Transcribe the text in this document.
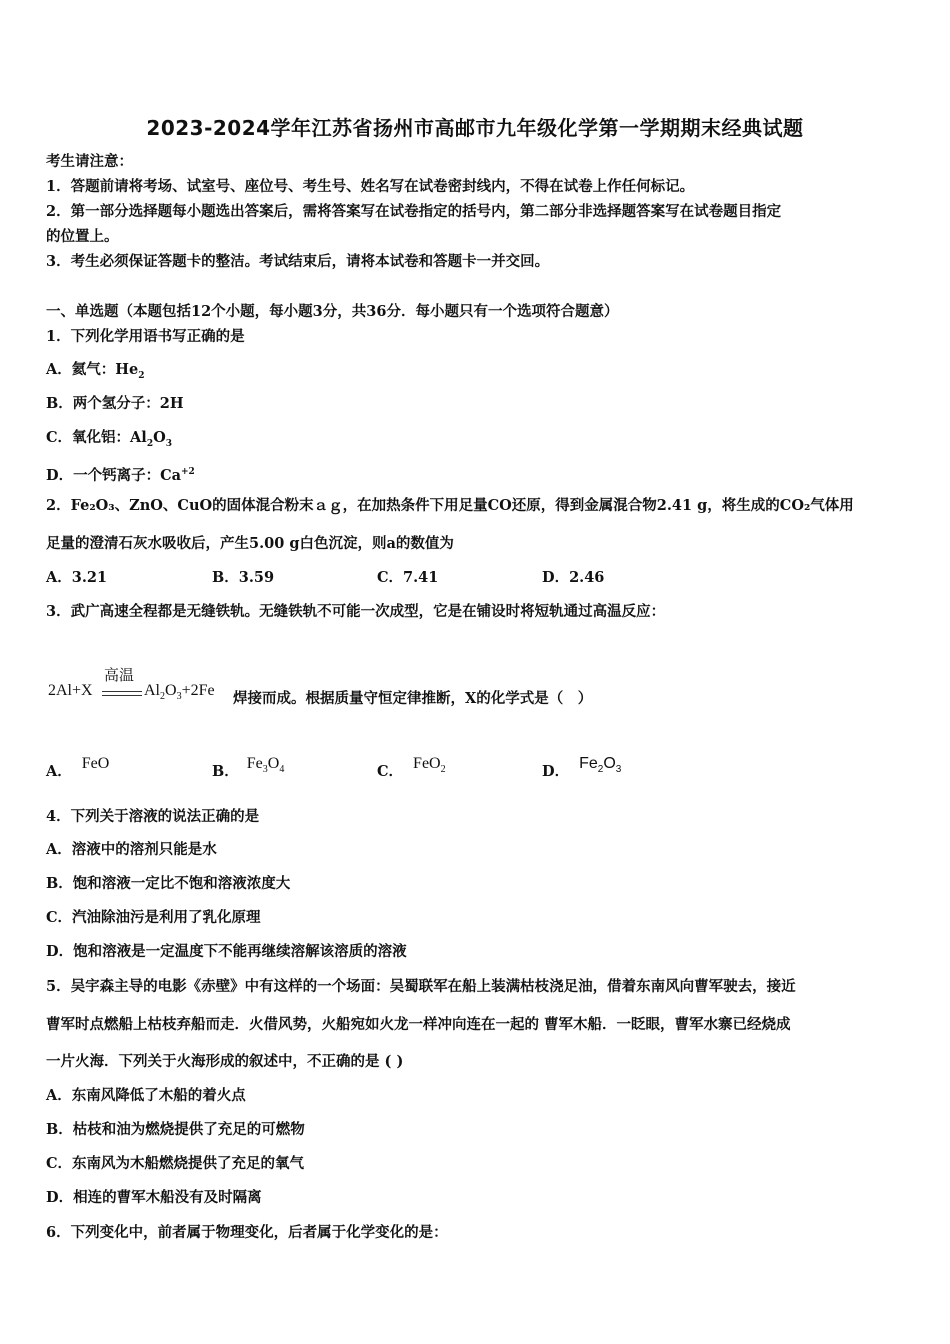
2023-2024学年江苏省扬州市高邮市九年级化学第一学期期末经典试题
考生请注意：
1．答题前请将考场、试室号、座位号、考生号、姓名写在试卷密封线内，不得在试卷上作任何标记。
2．第一部分选择题每小题选出答案后，需将答案写在试卷指定的括号内，第二部分非选择题答案写在试卷题目指定
的位置上。
3．考生必须保证答题卡的整洁。考试结束后，请将本试卷和答题卡一并交回。
一、单选题（本题包括12个小题，每小题3分，共36分．每小题只有一个选项符合题意）
1．下列化学用语书写正确的是
A．氦气：$He_2$
B．两个氢分子：2H
C．氧化铝：$Al_2O_3$
D．一个钙离子：$Ca^{+2}$
2．Fe₂O₃、ZnO、CuO的固体混合粉末ａｇ，在加热条件下用足量CO还原，得到金属混合物2.41 g，将生成的CO₂气体用
足量的澄清石灰水吸收后，产生5.00 g白色沉淀，则a的数值为
A．3.21	B．3.59	C．7.41	D．2.46
3．武广高速全程都是无缝铁轨。无缝铁轨不可能一次成型，它是在铺设时将短轨通过高温反应：
2Al+X
高温
$Al_2O_3+2Fe$ 焊接而成。根据质量守恒定律推断，X的化学式是（　）
A． FeO	B． $Fe_3O_4$	C． FeO$_2$	D． $Fe_2O_3$
4．下列关于溶液的说法正确的是
A．溶液中的溶剂只能是水
B．饱和溶液一定比不饱和溶液浓度大
C．汽油除油污是利用了乳化原理
D．饱和溶液是一定温度下不能再继续溶解该溶质的溶液
5．吴宇森主导的电影《赤壁》中有这样的一个场面：吴蜀联军在船上装满枯枝浇足油，借着东南风向曹军驶去，接近
曹军时点燃船上枯枝弃船而走．火借风势，火船宛如火龙一样冲向连在一起的 曹军木船．一眨眼，曹军水寨已经烧成
一片火海．下列关于火海形成的叙述中，不正确的是 ( )
A．东南风降低了木船的着火点
B．枯枝和油为燃烧提供了充足的可燃物
C．东南风为木船燃烧提供了充足的氧气
D．相连的曹军木船没有及时隔离
6．下列变化中，前者属于物理变化，后者属于化学变化的是：
